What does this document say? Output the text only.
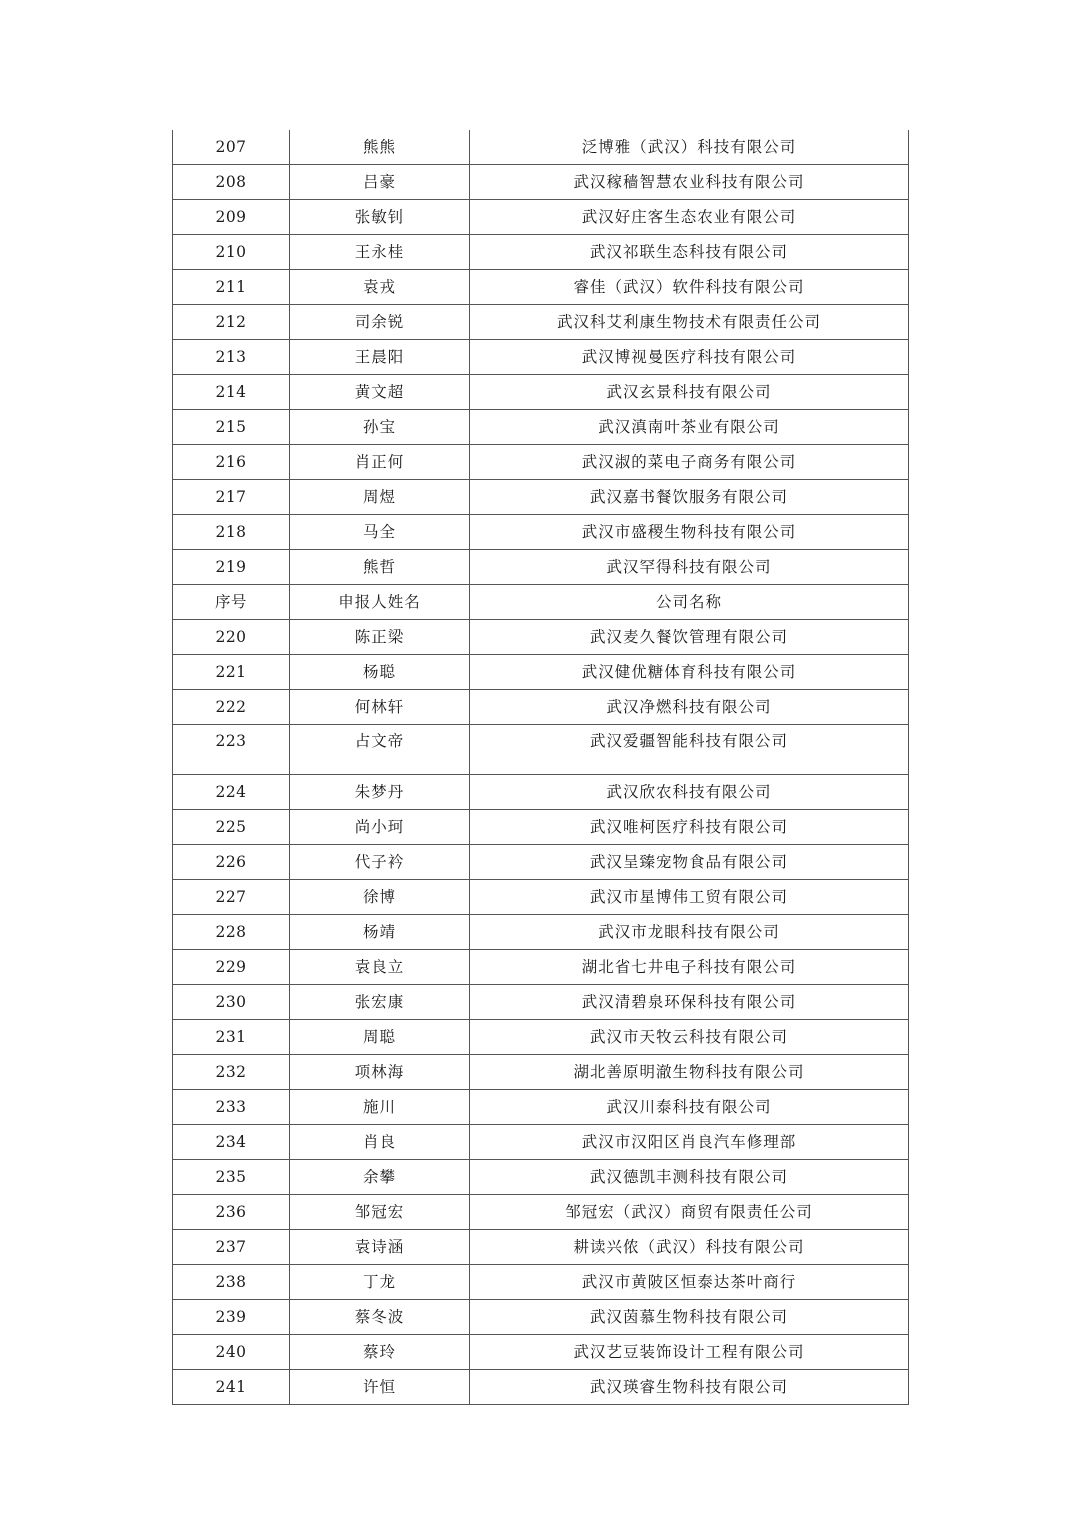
207	熊熊	泛博雅（武汉）科技有限公司
208	吕豪	武汉稼穑智慧农业科技有限公司
209	张敏钊	武汉好庄客生态农业有限公司
210	王永桂	武汉祁联生态科技有限公司
211	袁戎	睿佳（武汉）软件科技有限公司
212	司余锐	武汉科艾利康生物技术有限责任公司
213	王晨阳	武汉博视曼医疗科技有限公司
214	黄文超	武汉玄景科技有限公司
215	孙宝	武汉滇南叶茶业有限公司
216	肖正何	武汉淑的菜电子商务有限公司
217	周煜	武汉嘉书餐饮服务有限公司
218	马全	武汉市盛稷生物科技有限公司
219	熊哲	武汉罕得科技有限公司
序号	申报人姓名	公司名称
220	陈正梁	武汉麦久餐饮管理有限公司
221	杨聪	武汉健优糖体育科技有限公司
222	何林轩	武汉净燃科技有限公司
223	占文帝	武汉爱疆智能科技有限公司
224	朱梦丹	武汉欣农科技有限公司
225	尚小珂	武汉唯柯医疗科技有限公司
226	代子衿	武汉呈臻宠物食品有限公司
227	徐博	武汉市星博伟工贸有限公司
228	杨靖	武汉市龙眼科技有限公司
229	袁良立	湖北省七井电子科技有限公司
230	张宏康	武汉清碧泉环保科技有限公司
231	周聪	武汉市天牧云科技有限公司
232	项林海	湖北善原明澈生物科技有限公司
233	施川	武汉川泰科技有限公司
234	肖良	武汉市汉阳区肖良汽车修理部
235	余攀	武汉德凯丰测科技有限公司
236	邹冠宏	邹冠宏（武汉）商贸有限责任公司
237	袁诗涵	耕读兴侬（武汉）科技有限公司
238	丁龙	武汉市黄陂区恒泰达茶叶商行
239	蔡冬波	武汉茵慕生物科技有限公司
240	蔡玲	武汉艺豆装饰设计工程有限公司
241	许恒	武汉瑛睿生物科技有限公司
